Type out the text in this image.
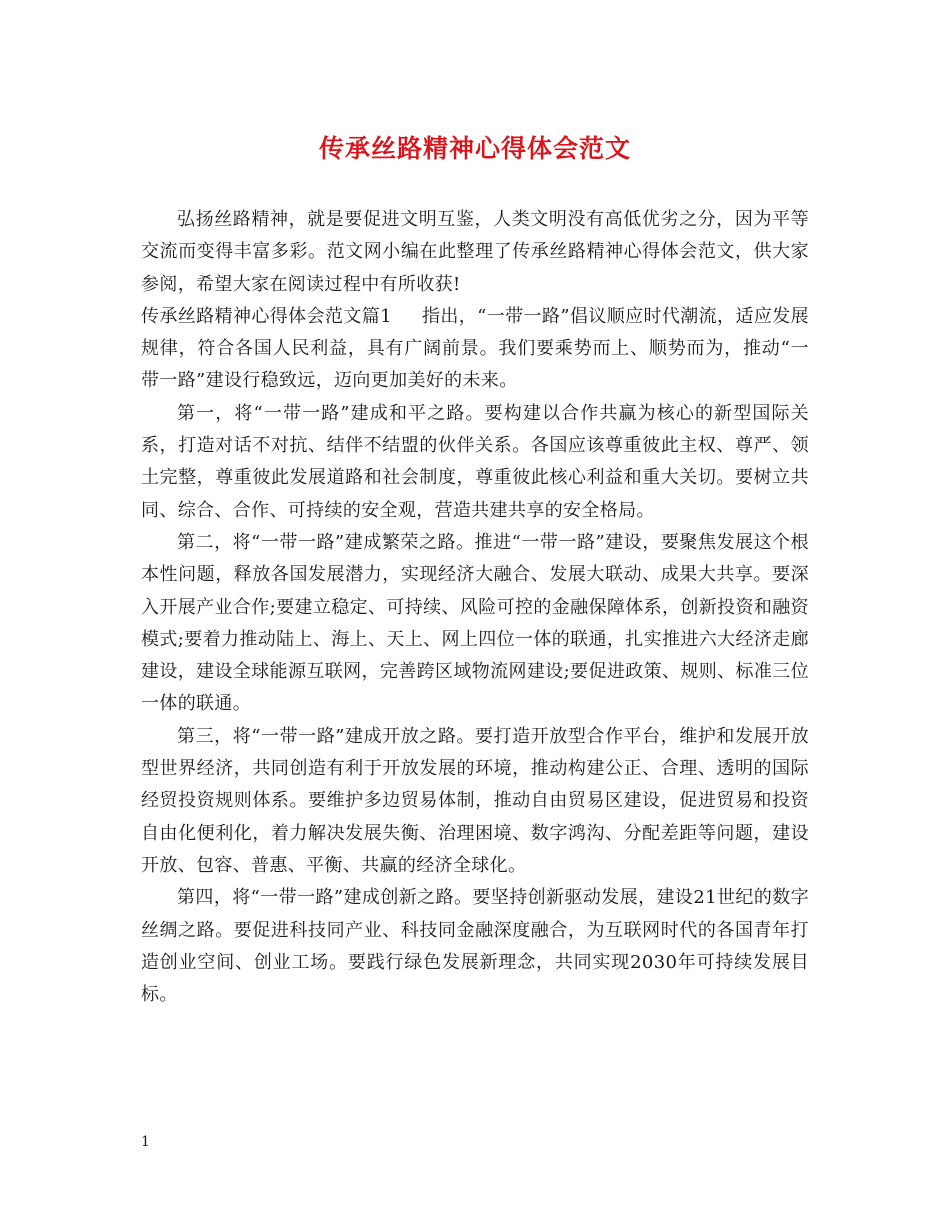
传承丝路精神心得体会范文

弘扬丝路精神，就是要促进文明互鉴，人类文明没有高低优劣之分，因为平等交流而变得丰富多彩。范文网小编在此整理了传承丝路精神心得体会范文，供大家参阅，希望大家在阅读过程中有所收获!

传承丝路精神心得体会范文篇1 指出，“一带一路”倡议顺应时代潮流，适应发展规律，符合各国人民利益，具有广阔前景。我们要乘势而上、顺势而为，推动“一带一路”建设行稳致远，迈向更加美好的未来。

第一，将“一带一路”建成和平之路。要构建以合作共赢为核心的新型国际关系，打造对话不对抗、结伴不结盟的伙伴关系。各国应该尊重彼此主权、尊严、领土完整，尊重彼此发展道路和社会制度，尊重彼此核心利益和重大关切。要树立共同、综合、合作、可持续的安全观，营造共建共享的安全格局。

第二，将“一带一路”建成繁荣之路。推进“一带一路”建设，要聚焦发展这个根本性问题，释放各国发展潜力，实现经济大融合、发展大联动、成果大共享。要深入开展产业合作;要建立稳定、可持续、风险可控的金融保障体系，创新投资和融资模式;要着力推动陆上、海上、天上、网上四位一体的联通，扎实推进六大经济走廊建设，建设全球能源互联网，完善跨区域物流网建设;要促进政策、规则、标准三位一体的联通。

第三，将“一带一路”建成开放之路。要打造开放型合作平台，维护和发展开放型世界经济，共同创造有利于开放发展的环境，推动构建公正、合理、透明的国际经贸投资规则体系。要维护多边贸易体制，推动自由贸易区建设，促进贸易和投资自由化便利化，着力解决发展失衡、治理困境、数字鸿沟、分配差距等问题，建设开放、包容、普惠、平衡、共赢的经济全球化。

第四，将“一带一路”建成创新之路。要坚持创新驱动发展，建设21世纪的数字丝绸之路。要促进科技同产业、科技同金融深度融合，为互联网时代的各国青年打造创业空间、创业工场。要践行绿色发展新理念，共同实现2030年可持续发展目标。

1
